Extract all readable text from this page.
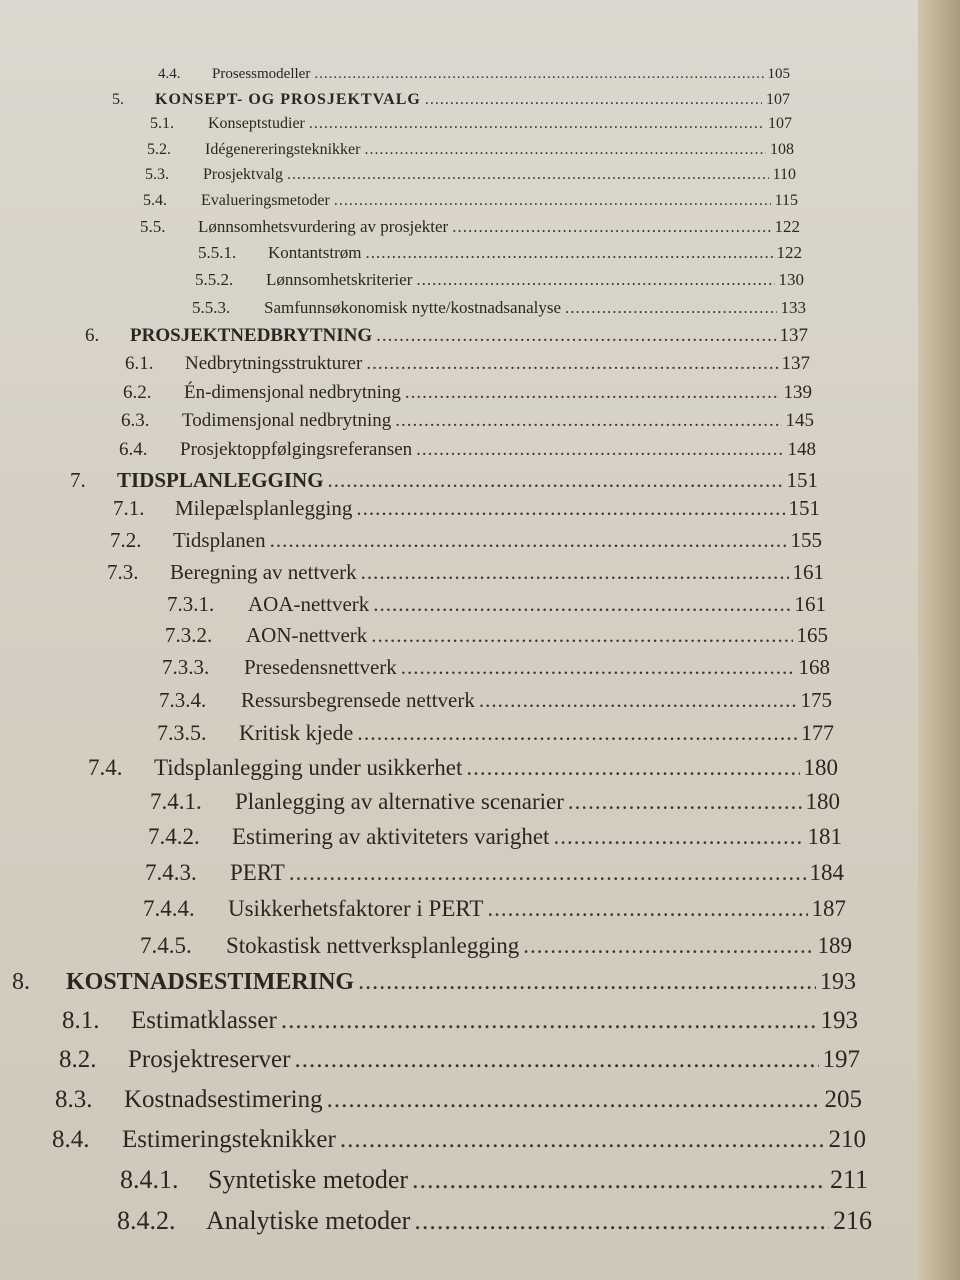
4.4. Prosessmodeller .....	105
5. KONSEPT- OG PROSJEKTVALG .....	107
5.1. Konseptstudier .....	107
5.2. Idégenereringsteknikker .....	108
5.3. Prosjektvalg .....	110
5.4. Evalueringsmetoder .....	115
5.5. Lønnsomhetsvurdering av prosjekter .....	122
5.5.1. Kontantstrøm .....	122
5.5.2. Lønnsomhetskriterier .....	130
5.5.3. Samfunnsøkonomisk nytte/kostnadsanalyse .....	133
6. PROSJEKTNEDBRYTNING .....	137
6.1. Nedbrytningsstrukturer .....	137
6.2. Én-dimensjonal nedbrytning .....	139
6.3. Todimensjonal nedbrytning .....	145
6.4. Prosjektoppfølgingsreferansen .....	148
7. TIDSPLANLEGGING .....	151
7.1. Milepælsplanlegging .....	151
7.2. Tidsplanen .....	155
7.3. Beregning av nettverk .....	161
7.3.1. AOA-nettverk .....	161
7.3.2. AON-nettverk .....	165
7.3.3. Presedensnettverk .....	168
7.3.4. Ressursbegrensede nettverk .....	175
7.3.5. Kritisk kjede .....	177
7.4. Tidsplanlegging under usikkerhet .....	180
7.4.1. Planlegging av alternative scenarier .....	180
7.4.2. Estimering av aktiviteters varighet .....	181
7.4.3. PERT .....	184
7.4.4. Usikkerhetsfaktorer i PERT .....	187
7.4.5. Stokastisk nettverksplanlegging .....	189
8. KOSTNADSESTIMERING .....	193
8.1. Estimatklasser .....	193
8.2. Prosjektreserver .....	197
8.3. Kostnadsestimering .....	205
8.4. Estimeringsteknikker .....	210
8.4.1. Syntetiske metoder .....	211
8.4.2. Analytiske metoder .....	216
